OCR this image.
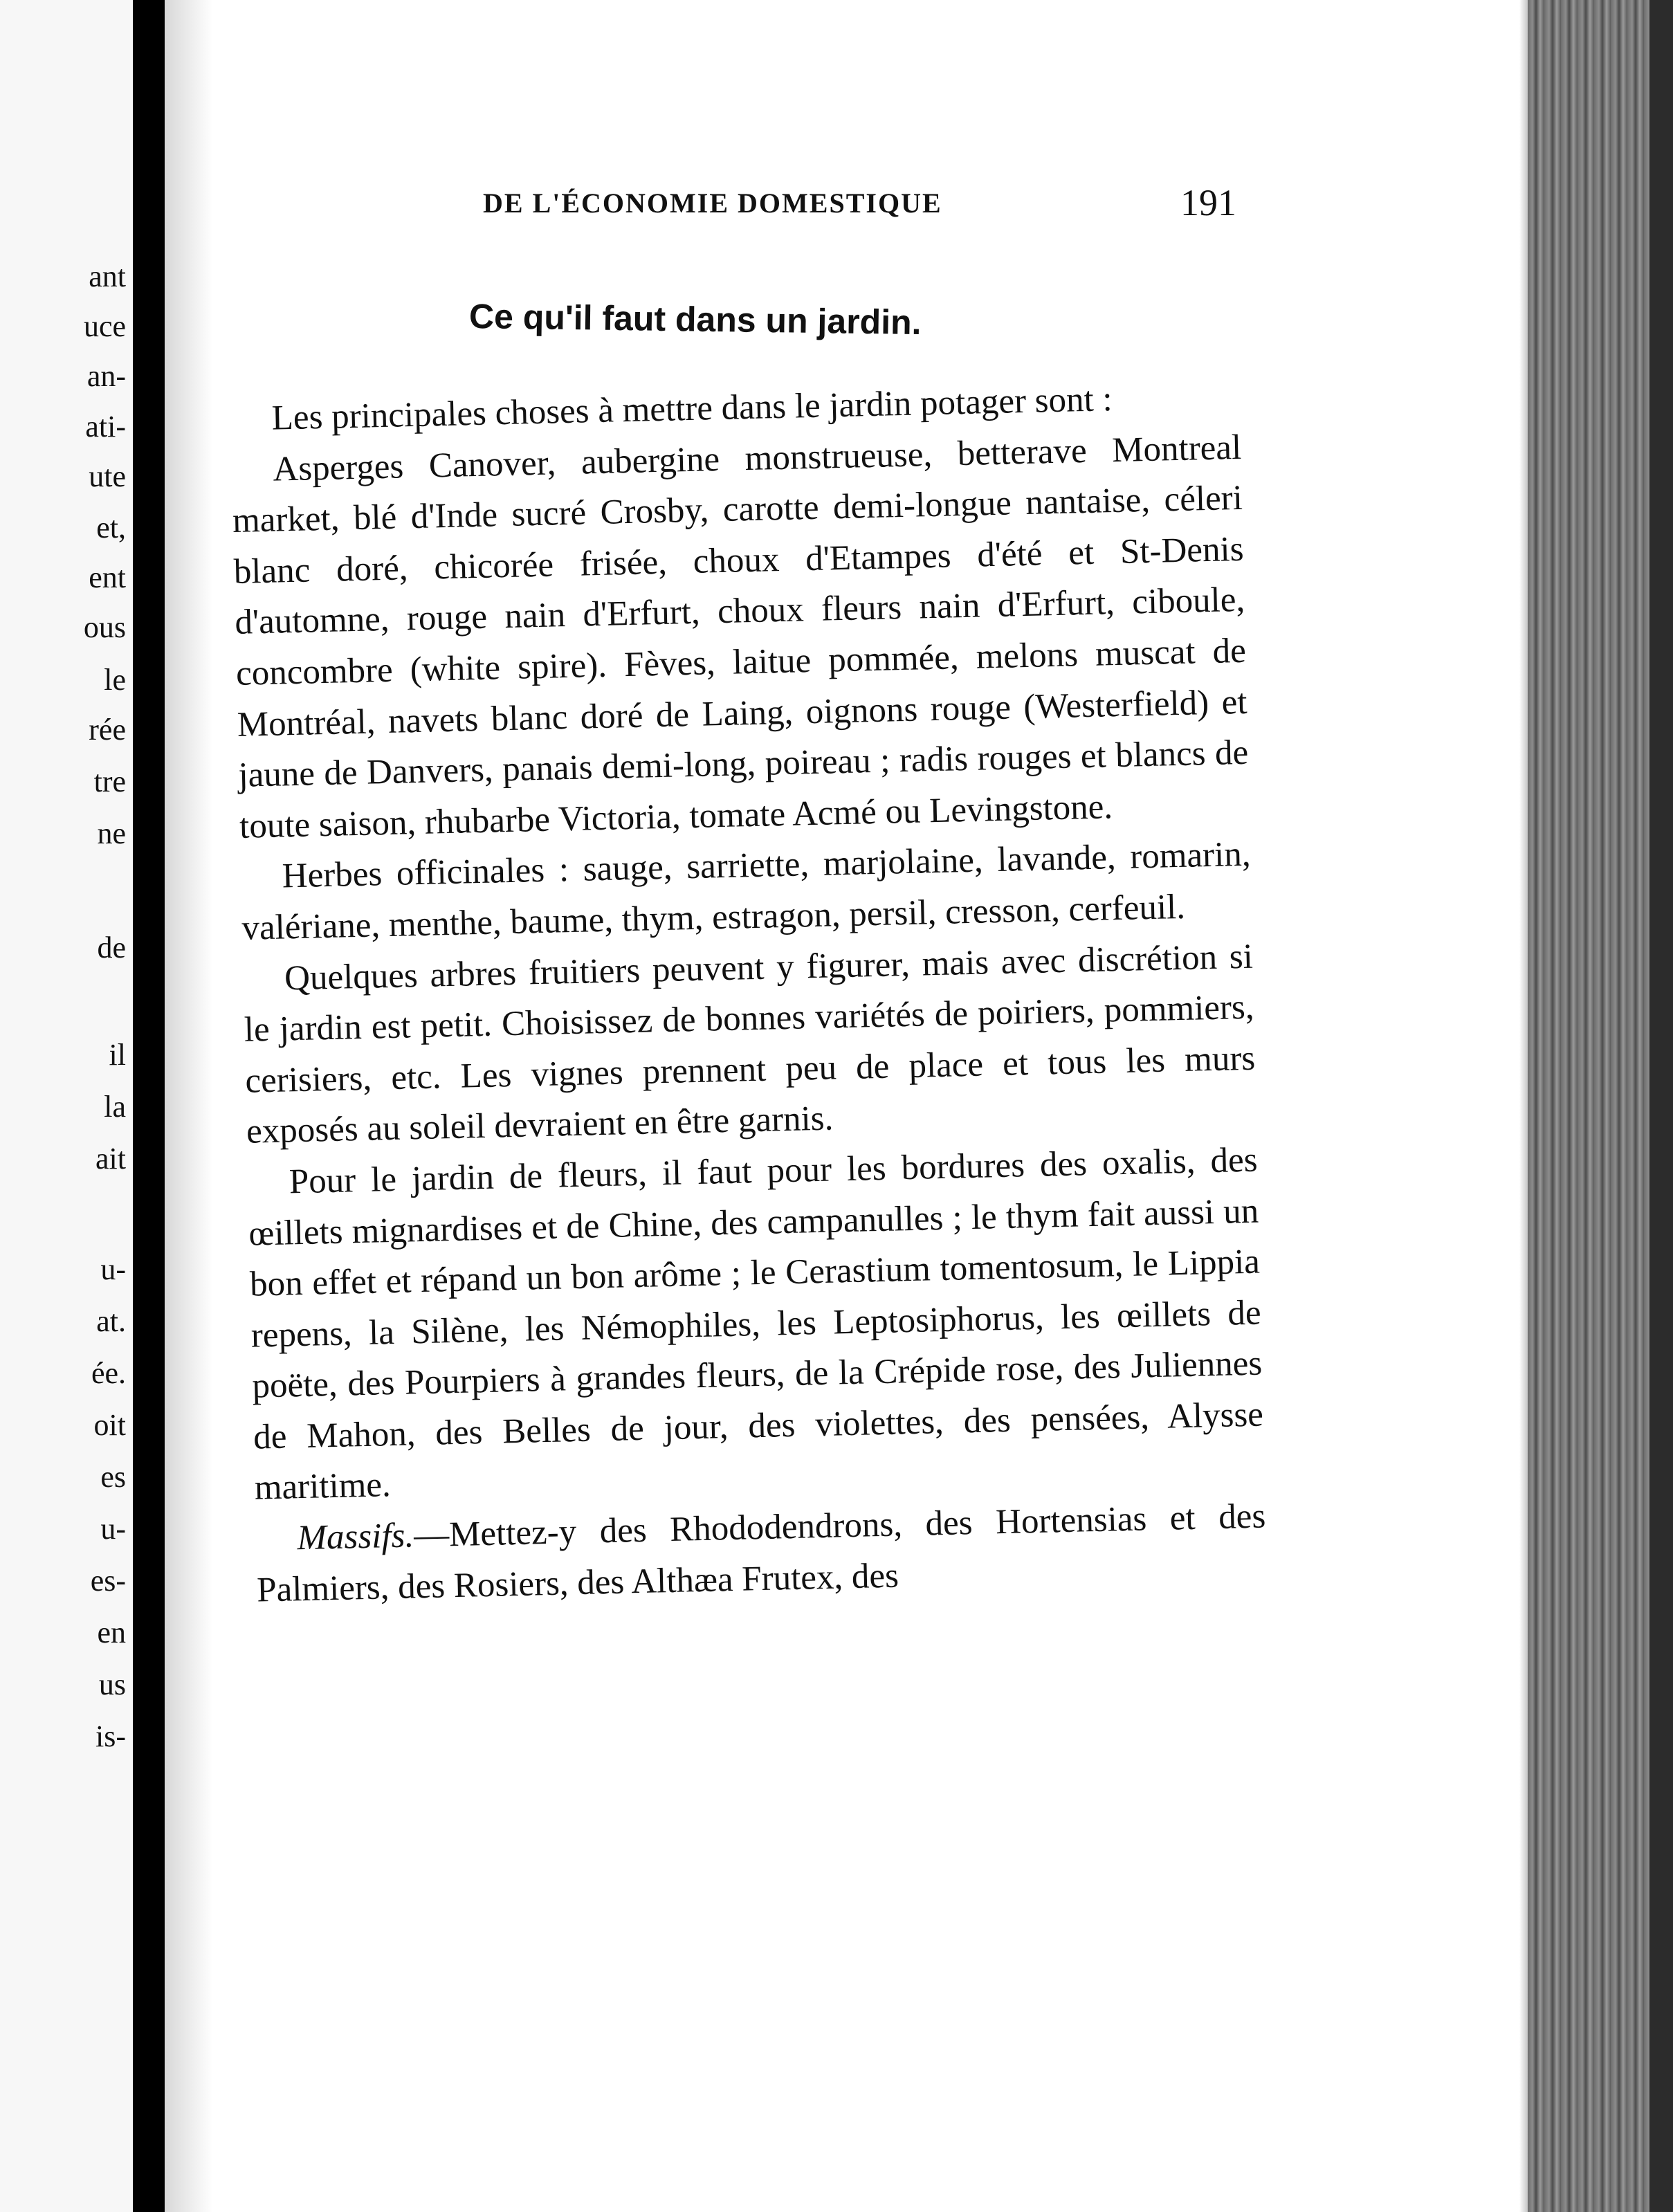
ant
uce
an-
ati-
ute
et,
ent
ous
le
rée
tre
ne
de
il
la
ait
u-
at.
ée.
oit
es
u-
es-
en
us
is-
DE L'ÉCONOMIE DOMESTIQUE	191
Ce qu'il faut dans un jardin.

Les principales choses à mettre dans le jardin potager sont :

Asperges Canover, aubergine monstrueuse, betterave Montreal market, blé d'Inde sucré Crosby, carotte demi-longue nantaise, céleri blanc doré, chicorée frisée, choux d'Etampes d'été et St-Denis d'automne, rouge nain d'Erfurt, choux fleurs nain d'Erfurt, ciboule, concombre (white spire). Fèves, laitue pommée, melons muscat de Montréal, navets blanc doré de Laing, oignons rouge (Westerfield) et jaune de Danvers, panais demi-long, poireau ; radis rouges et blancs de toute saison, rhubarbe Victoria, tomate Acmé ou Levingstone.

Herbes officinales : sauge, sarriette, marjolaine, lavande, romarin, valériane, menthe, baume, thym, estragon, persil, cresson, cerfeuil.

Quelques arbres fruitiers peuvent y figurer, mais avec discrétion si le jardin est petit. Choisissez de bonnes variétés de poiriers, pommiers, cerisiers, etc. Les vignes prennent peu de place et tous les murs exposés au soleil devraient en être garnis.

Pour le jardin de fleurs, il faut pour les bordures des oxalis, des œillets mignardises et de Chine, des campanulles ; le thym fait aussi un bon effet et répand un bon arôme ; le Cerastium tomentosum, le Lippia repens, la Silène, les Némophiles, les Leptosiphorus, les œillets de poëte, des Pourpiers à grandes fleurs, de la Crépide rose, des Juliennes de Mahon, des Belles de jour, des violettes, des pensées, Alysse maritime.

Massifs.—Mettez-y des Rhododendrons, des Hortensias et des Palmiers, des Rosiers, des Althæa Frutex, des
